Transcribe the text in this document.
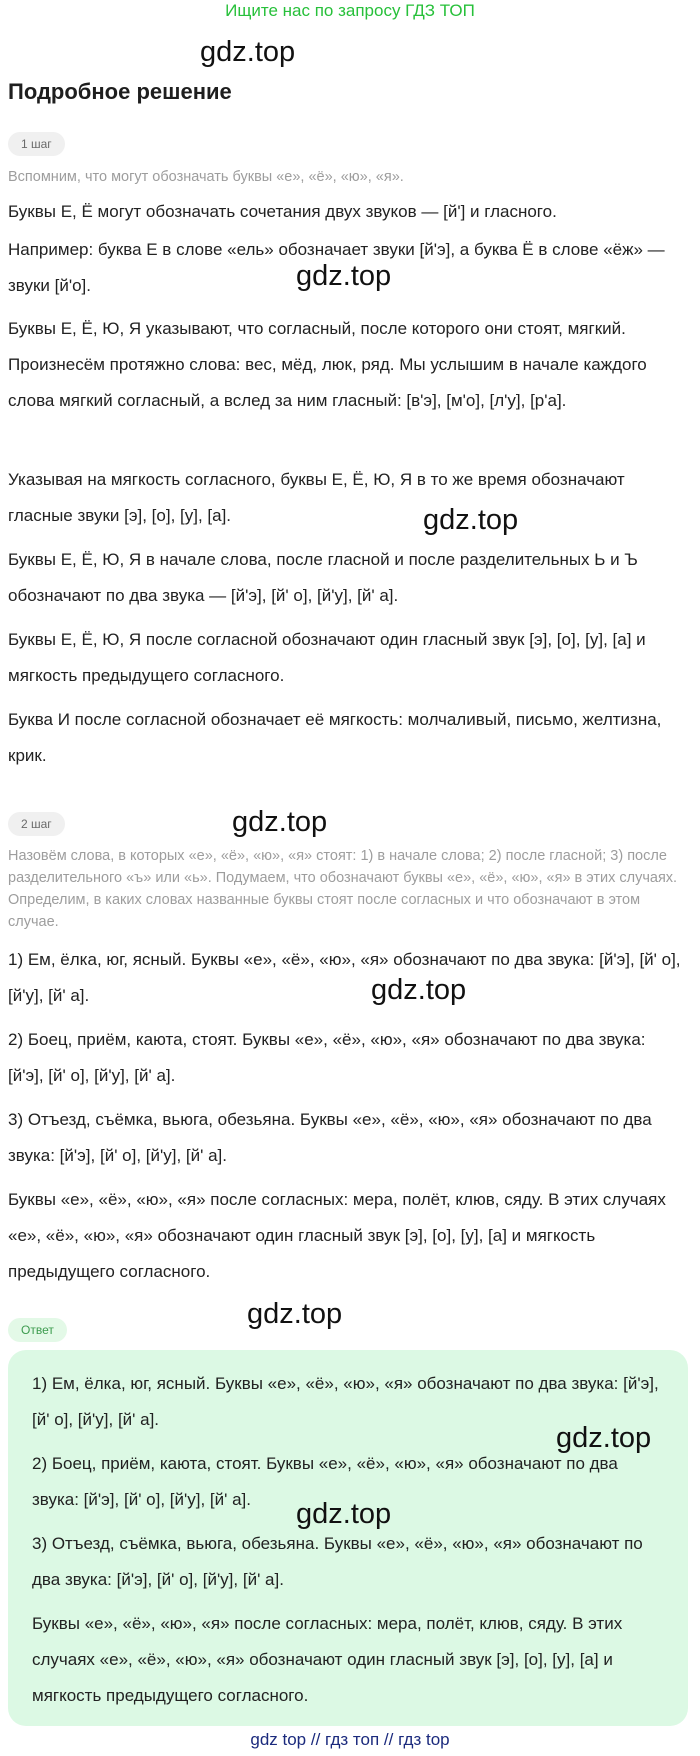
Ищите нас по запросу ГДЗ ТОП
gdz.top
Подробное решение
1 шаг

Вспомним, что могут обозначать буквы «е», «ё», «ю», «я».

Буквы Е, Ё могут обозначать сочетания двух звуков — [й'] и гласного.

Например: буква Е в слове «ель» обозначает звуки [й'э], а буква Ё в слове «ёж» — звуки [й'о].	gdz.top

Буквы Е, Ё, Ю, Я указывают, что согласный, после которого они стоят, мягкий. Произнесём протяжно слова: вес, мёд, люк, ряд. Мы услышим в начале каждого слова мягкий согласный, а вслед за ним гласный: [в'э], [м'о], [л'у], [р'а].

Указывая на мягкость согласного, буквы Е, Ё, Ю, Я в то же время обозначают гласные звуки [э], [о], [у], [а].	gdz.top

Буквы Е, Ё, Ю, Я в начале слова, после гласной и после разделительных Ь и Ъ обозначают по два звука — [й'э], [й' о], [й'у], [й' а].

Буквы Е, Ё, Ю, Я после согласной обозначают один гласный звук [э], [о], [у], [а] и мягкость предыдущего согласного.

Буква И после согласной обозначает её мягкость: молчаливый, письмо, желтизна, крик.

2 шаг	gdz.top

Назовём слова, в которых «е», «ё», «ю», «я» стоят: 1) в начале слова; 2) после гласной; 3) после разделительного «ъ» или «ь». Подумаем, что обозначают буквы «е», «ё», «ю», «я» в этих случаях. Определим, в каких словах названные буквы стоят после согласных и что обозначают в этом случае.

1) Ем, ёлка, юг, ясный. Буквы «е», «ё», «ю», «я» обозначают по два звука: [й'э], [й' о], [й'у], [й' а].	gdz.top

2) Боец, приём, каюта, стоят. Буквы «е», «ё», «ю», «я» обозначают по два звука: [й'э], [й' о], [й'у], [й' а].

3) Отъезд, съёмка, вьюга, обезьяна. Буквы «е», «ё», «ю», «я» обозначают по два звука: [й'э], [й' о], [й'у], [й' а].

Буквы «е», «ё», «ю», «я» после согласных: мера, полёт, клюв, сяду. В этих случаях «е», «ё», «ю», «я» обозначают один гласный звук [э], [о], [у], [а] и мягкость предыдущего согласного.

gdz.top
Ответ

1) Ем, ёлка, юг, ясный. Буквы «е», «ё», «ю», «я» обозначают по два звука: [й'э], [й' о], [й'у], [й' а].

2) Боец, приём, каюта, стоят. Буквы «е», «ё», «ю», «я» обозначают по два звука: [й'э], [й' о], [й'у], [й' а].

3) Отъезд, съёмка, вьюга, обезьяна. Буквы «е», «ё», «ю», «я» обозначают по два звука: [й'э], [й' о], [й'у], [й' а].

Буквы «е», «ё», «ю», «я» после согласных: мера, полёт, клюв, сяду. В этих случаях «е», «ё», «ю», «я» обозначают один гласный звук [э], [о], [у], [а] и мягкость предыдущего согласного.

gdz.top
gdz.top
gdz top // гдз топ // гдз top
